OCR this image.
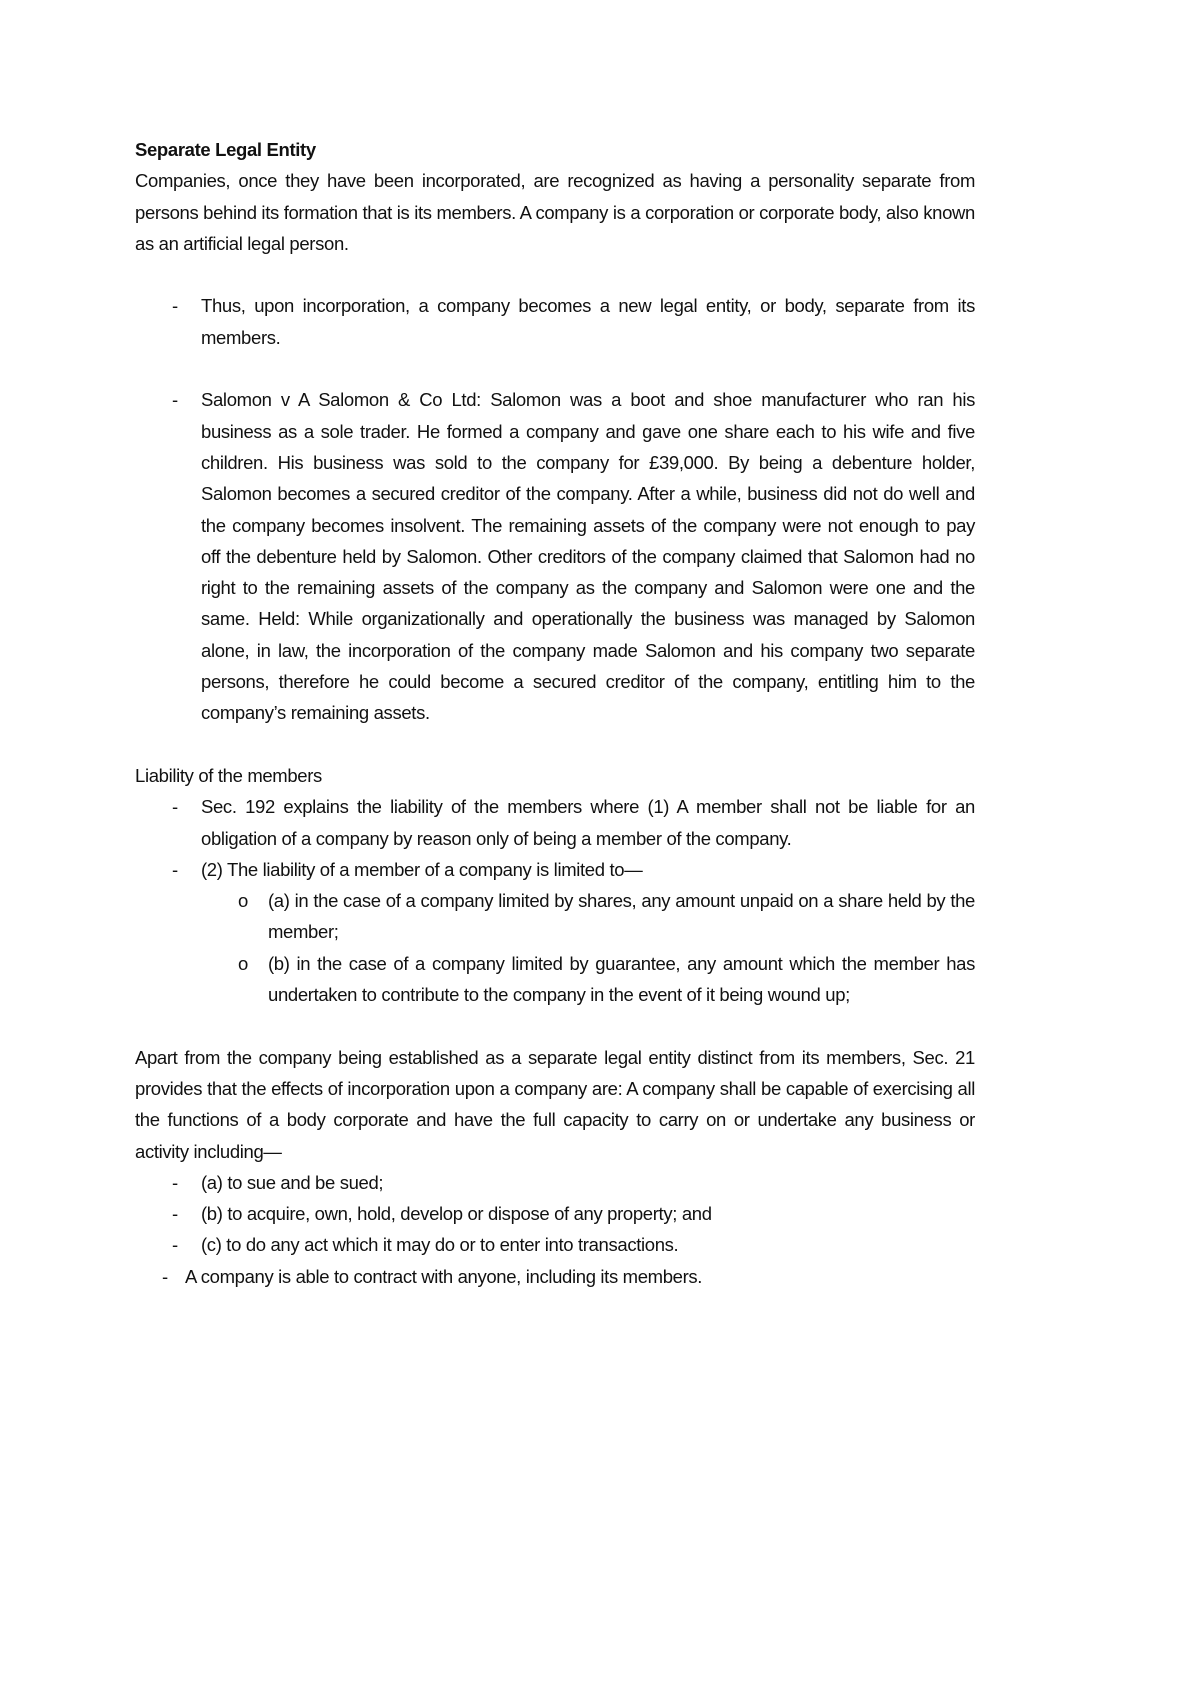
Separate Legal Entity

Companies, once they have been incorporated, are recognized as having a personality separate from persons behind its formation that is its members. A company is a corporation or corporate body, also known as an artificial legal person.

- Thus, upon incorporation, a company becomes a new legal entity, or body, separate from its members.
- Salomon v A Salomon & Co Ltd: Salomon was a boot and shoe manufacturer who ran his business as a sole trader. He formed a company and gave one share each to his wife and five children. His business was sold to the company for £39,000. By being a debenture holder, Salomon becomes a secured creditor of the company. After a while, business did not do well and the company becomes insolvent. The remaining assets of the company were not enough to pay off the debenture held by Salomon. Other creditors of the company claimed that Salomon had no right to the remaining assets of the company as the company and Salomon were one and the same. Held: While organizationally and operationally the business was managed by Salomon alone, in law, the incorporation of the company made Salomon and his company two separate persons, therefore he could become a secured creditor of the company, entitling him to the company’s remaining assets.

Liability of the members

- Sec. 192 explains the liability of the members where (1) A member shall not be liable for an obligation of a company by reason only of being a member of the company.
- (2) The liability of a member of a company is limited to—
o (a) in the case of a company limited by shares, any amount unpaid on a share held by the member;
o (b) in the case of a company limited by guarantee, any amount which the member has undertaken to contribute to the company in the event of it being wound up;

Apart from the company being established as a separate legal entity distinct from its members, Sec. 21 provides that the effects of incorporation upon a company are: A company shall be capable of exercising all the functions of a body corporate and have the full capacity to carry on or undertake any business or activity including—

- (a) to sue and be sued;
- (b) to acquire, own, hold, develop or dispose of any property; and
- (c) to do any act which it may do or to enter into transactions.
- A company is able to contract with anyone, including its members.
